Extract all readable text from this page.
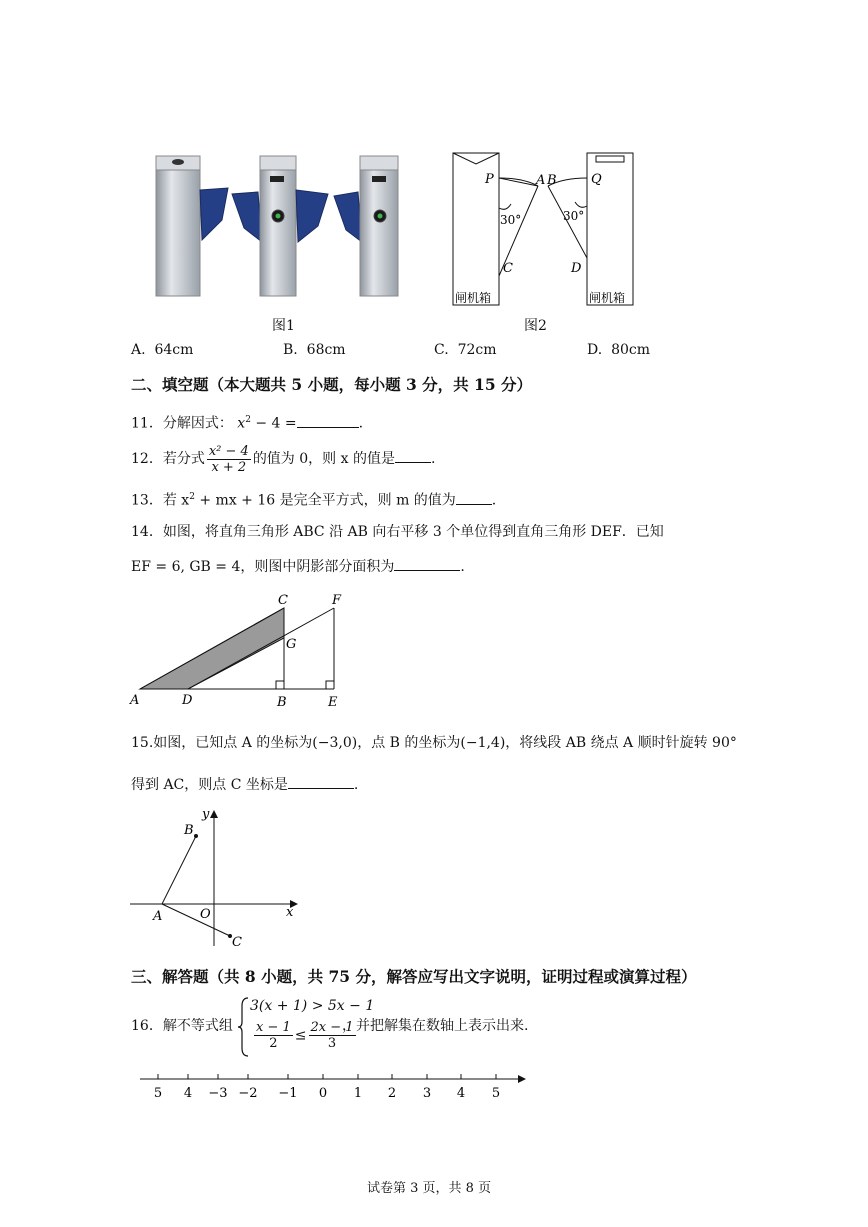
图1
P	A B	Q
C	D
30°	30°
闸机箱	闸机箱
图2
A. 64cm	B. 68cm	C. 72cm	D. 80cm
二、填空题（本大题共 5 小题，每小题 3 分，共 15 分）
11．分解因式： $x^2 - 4$ =	.
12．若分式 $\frac{\text{x² − 4}}{x + 2}$ 的值为 0，则 x 的值是	.
13．若 $x^2$ + mx + 16 是完全平方式，则 m 的值为	.
14．如图，将直角三角形 ABC 沿 AB 向右平移 3 个单位得到直角三角形 DEF．已知
EF = 6, GB = 4，则图中阴影部分面积为	.
A	D	B	E
C	F
G
15.如图，已知点 A 的坐标为(−3,0)，点 B 的坐标为(−1,4)，将线段 AB 绕点 A 顺时针旋转 90°
得到 AC，则点 C 坐标是	.
B
A	O
C
x
y
三、解答题（共 8 小题，共 75 分，解答应写出文字说明，证明过程或演算过程）
16．解不等式组
3(x + 1) > 5x − 1
$\frac{x - 1}{2} \le \frac{2x - 1}{3}$
，并把解集在数轴上表示出来.
5 4 −3 −2 −1 0 1 2 3 4 5
试卷第 3 页，共 8 页
